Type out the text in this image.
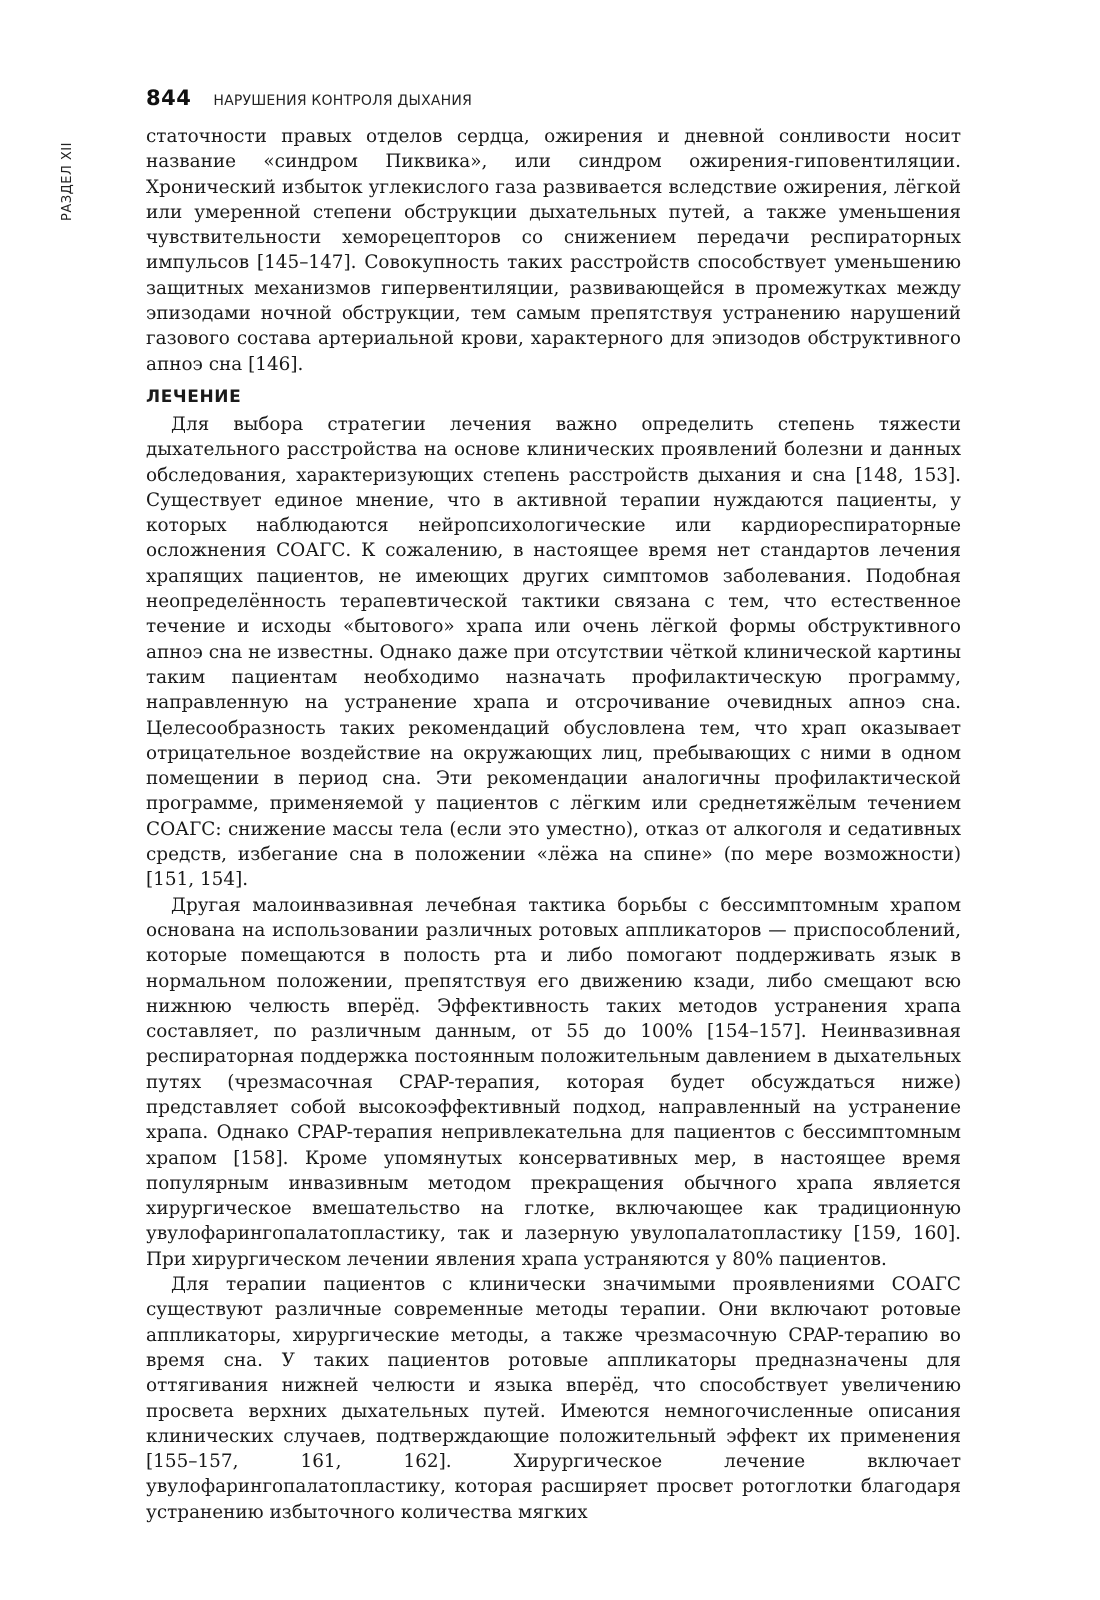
РАЗДЕЛ XII
844 НАРУШЕНИЯ КОНТРОЛЯ ДЫХАНИЯ

статочности правых отделов сердца, ожирения и дневной сонливости носит название «синдром Пиквика», или синдром ожирения-гиповентиляции. Хронический избыток углекислого газа развивается вследствие ожирения, лёгкой или умеренной степени обструкции дыхательных путей, а также уменьшения чувствительности хеморецепторов со снижением передачи респираторных импульсов [145–147]. Совокупность таких расстройств способствует уменьшению защитных механизмов гипервентиляции, развивающейся в промежутках между эпизодами ночной обструкции, тем самым препятствуя устранению нарушений газового состава артериальной крови, характерного для эпизодов обструктивного апноэ сна [146].

ЛЕЧЕНИЕ

Для выбора стратегии лечения важно определить степень тяжести дыхательного расстройства на основе клинических проявлений болезни и данных обследования, характеризующих степень расстройств дыхания и сна [148, 153]. Существует единое мнение, что в активной терапии нуждаются пациенты, у которых наблюдаются нейропсихологические или кардиореспираторные осложнения СОАГС. К сожалению, в настоящее время нет стандартов лечения храпящих пациентов, не имеющих других симптомов заболевания. Подобная неопределённость терапевтической тактики связана с тем, что естественное течение и исходы «бытового» храпа или очень лёгкой формы обструктивного апноэ сна не известны. Однако даже при отсутствии чёткой клинической картины таким пациентам необходимо назначать профилактическую программу, направленную на устранение храпа и отсрочивание очевидных апноэ сна. Целесообразность таких рекомендаций обусловлена тем, что храп оказывает отрицательное воздействие на окружающих лиц, пребывающих с ними в одном помещении в период сна. Эти рекомендации аналогичны профилактической программе, применяемой у пациентов с лёгким или среднетяжёлым течением СОАГС: снижение массы тела (если это уместно), отказ от алкоголя и седативных средств, избегание сна в положении «лёжа на спине» (по мере возможности) [151, 154].

Другая малоинвазивная лечебная тактика борьбы с бессимптомным храпом основана на использовании различных ротовых аппликаторов — приспособлений, которые помещаются в полость рта и либо помогают поддерживать язык в нормальном положении, препятствуя его движению кзади, либо смещают всю нижнюю челюсть вперёд. Эффективность таких методов устранения храпа составляет, по различным данным, от 55 до 100% [154–157]. Неинвазивная респираторная поддержка постоянным положительным давлением в дыхательных путях (чрезмасочная CPAP-терапия, которая будет обсуждаться ниже) представляет собой высокоэффективный подход, направленный на устранение храпа. Однако CPAP-терапия непривлекательна для пациентов с бессимптомным храпом [158]. Кроме упомянутых консервативных мер, в настоящее время популярным инвазивным методом прекращения обычного храпа является хирургическое вмешательство на глотке, включающее как традиционную увулофарингопалатопластику, так и лазерную увулопалатопластику [159, 160]. При хирургическом лечении явления храпа устраняются у 80% пациентов.

Для терапии пациентов с клинически значимыми проявлениями СОАГС существуют различные современные методы терапии. Они включают ротовые аппликаторы, хирургические методы, а также чрезмасочную CPAP-терапию во время сна. У таких пациентов ротовые аппликаторы предназначены для оттягивания нижней челюсти и языка вперёд, что способствует увеличению просвета верхних дыхательных путей. Имеются немногочисленные описания клинических случаев, подтверждающие положительный эффект их применения [155–157, 161, 162]. Хирургическое лечение включает увулофарингопалатопластику, которая расширяет просвет ротоглотки благодаря устранению избыточного количества мягких
